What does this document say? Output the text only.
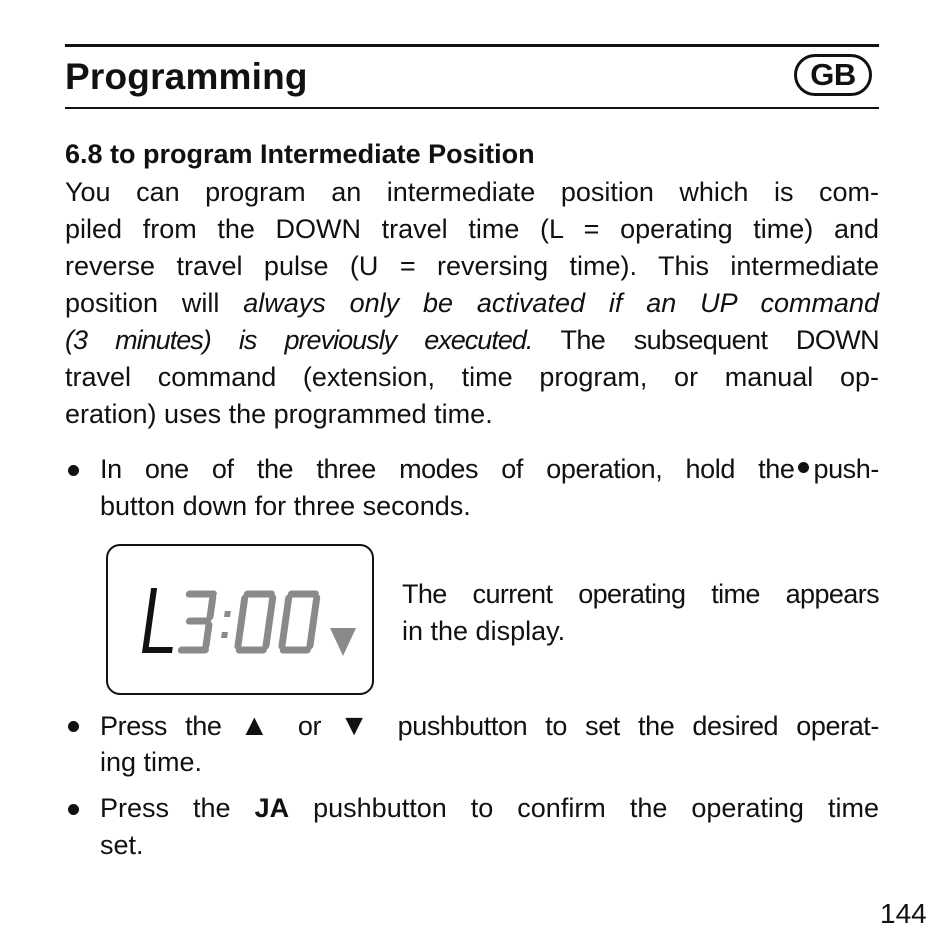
Programming	GB
6.8 to program Intermediate Position
You can program an intermediate position which is com-
piled from the DOWN travel time (L = operating time) and
reverse travel pulse (U = reversing time). This intermediate
position will always only be activated if an UP command
(3 minutes) is previously executed. The subsequent DOWN
travel command (extension, time program, or manual op-
eration) uses the programmed time.
In one of the three modes of operation, hold the push-
button down for three seconds.
The current operating time appears
in the display.
Press the ▲ or ▼ pushbutton to set the desired operat-
ing time.
Press the JA pushbutton to confirm the operating time
set.
144
